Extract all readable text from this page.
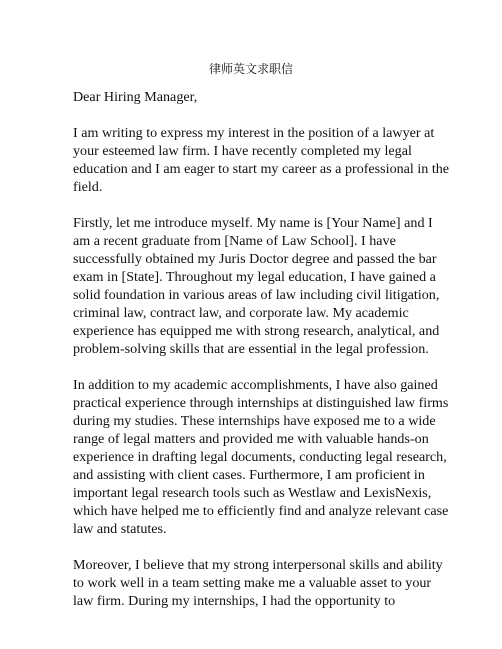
律师英文求职信

Dear Hiring Manager,

I am writing to express my interest in the position of a lawyer at
your esteemed law firm. I have recently completed my legal
education and I am eager to start my career as a professional in the
field.

Firstly, let me introduce myself. My name is [Your Name] and I
am a recent graduate from [Name of Law School]. I have
successfully obtained my Juris Doctor degree and passed the bar
exam in [State]. Throughout my legal education, I have gained a
solid foundation in various areas of law including civil litigation,
criminal law, contract law, and corporate law. My academic
experience has equipped me with strong research, analytical, and
problem-solving skills that are essential in the legal profession.

In addition to my academic accomplishments, I have also gained
practical experience through internships at distinguished law firms
during my studies. These internships have exposed me to a wide
range of legal matters and provided me with valuable hands-on
experience in drafting legal documents, conducting legal research,
and assisting with client cases. Furthermore, I am proficient in
important legal research tools such as Westlaw and LexisNexis,
which have helped me to efficiently find and analyze relevant case
law and statutes.

Moreover, I believe that my strong interpersonal skills and ability
to work well in a team setting make me a valuable asset to your
law firm. During my internships, I had the opportunity to
